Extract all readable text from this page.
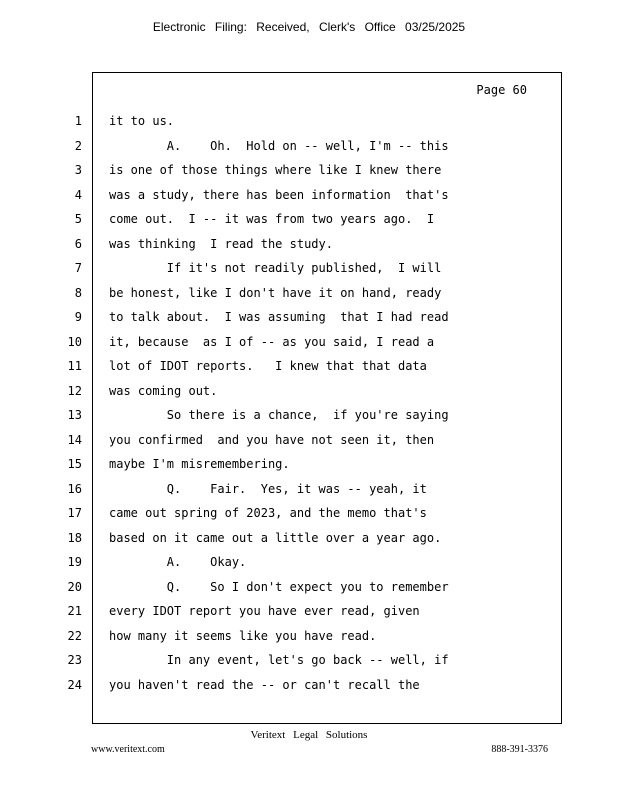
Electronic Filing: Received, Clerk's Office 03/25/2025
Page 60
1 it to us.
2 A.    Oh.  Hold on -- well, I'm -- this
3 is one of those things where like I knew there
4 was a study, there has been information  that's
5 come out.  I -- it was from two years ago.  I
6 was thinking  I read the study.
7 If it's not readily published,  I will
8 be honest, like I don't have it on hand, ready
9 to talk about.  I was assuming  that I had read
10 it, because  as I of -- as you said, I read a
11 lot of IDOT reports.   I knew that that data
12 was coming out.
13 So there is a chance,  if you're saying
14 you confirmed  and you have not seen it, then
15 maybe I'm misremembering.
16 Q.    Fair.  Yes, it was -- yeah, it
17 came out spring of 2023, and the memo that's
18 based on it came out a little over a year ago.
19 A.    Okay.
20 Q.    So I don't expect you to remember
21 every IDOT report you have ever read, given
22 how many it seems like you have read.
23 In any event, let's go back -- well, if
24 you haven't read the -- or can't recall the
Veritext Legal Solutions
www.veritext.com	888-391-3376
